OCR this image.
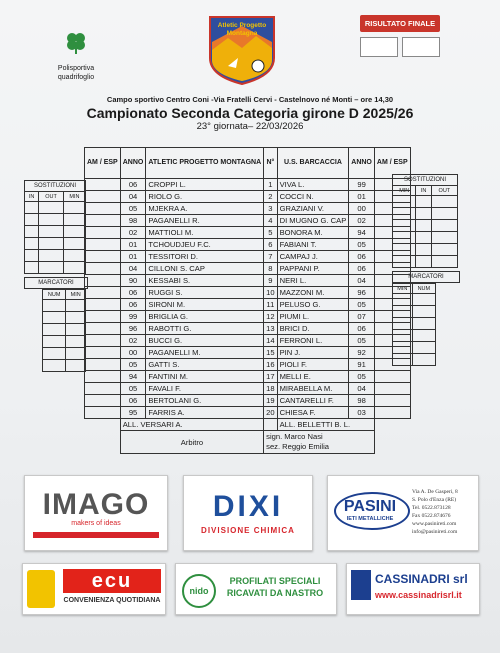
Polisportiva
quadrifoglio
Atletic Progetto
Montagna
RISULTATO FINALE
Campo sportivo Centro Coni -Via Fratelli Cervi - Castelnovo né Monti – ore 14,30
Campionato Seconda Categoria girone D 2025/26
23° giornata– 22/03/2026
SOSTITUZIONI		
IN	OUT	MIN

MARCATORI
NUM	MIN

SOSTITUZIONI		
MIN	IN	OUT

MARCATORI
MIN	NUM

AM / ESP	ANNO	ATLETIC PROGETTO MONTAGNA	N°	U.S. BARCACCIA	ANNO	AM / ESP
	06	CROPPI L.	1	VIVA L.	99	
	04	RIOLO G.	2	COCCI N.	01	
	05	MJEKRA A.	3	GRAZIANI V.	00	
	98	PAGANELLI R.	4	DI MUGNO G. CAP	02	
	02	MATTIOLI M.	5	BONORA M.	94	
	01	TCHOUDJEU F.C.	6	FABIANI T.	05	
	01	TESSITORI D.	7	CAMPAJ J.	06	
	04	CILLONI S. CAP	8	PAPPANI P.	06	
	90	KESSABI S.	9	NERI L.	04	
	06	RUGGI S.	10	MAZZONI M.	96	
	06	SIRONI M.	11	PELUSO G.	05	
	99	BRIGLIA G.	12	PIUMI L.	07	
	96	RABOTTI G.	13	BRICI D.	06	
	02	BUCCI G.	14	FERRONI L.	05	
	00	PAGANELLI M.	15	PIN J.	92	
	05	GATTI S.	16	PIOLI F.	91	
	94	FANTINI M.	17	MELLI E.	05	
	05	FAVALI F.	18	MIRABELLA M.	04	
	06	BERTOLANI G.	19	CANTARELLI F.	98	
	95	FARRIS A.	20	CHIESA F.	03	
	ALL. VERSARI A.			ALL. BELLETTI B. L.		
	Arbitro		sign. Marco Nasi
sez. Reggio Emilia			

IMAGO
makers of ideas
DIXI
DIVISIONE CHIMICA
PASINI
IETI METALLICHE
Via A. De Gasperi, 8
S. Polo d'Enza (RE)
Tel. 0522.873128
Fax 0522.874676
www.pasinireti.com
info@pasinireti.com
ecu
CONVENIENZA QUOTIDIANA
nido
PROFILATI SPECIALI
RICAVATI DA NASTRO
CASSINADRI srl
www.cassinadrisrl.it
